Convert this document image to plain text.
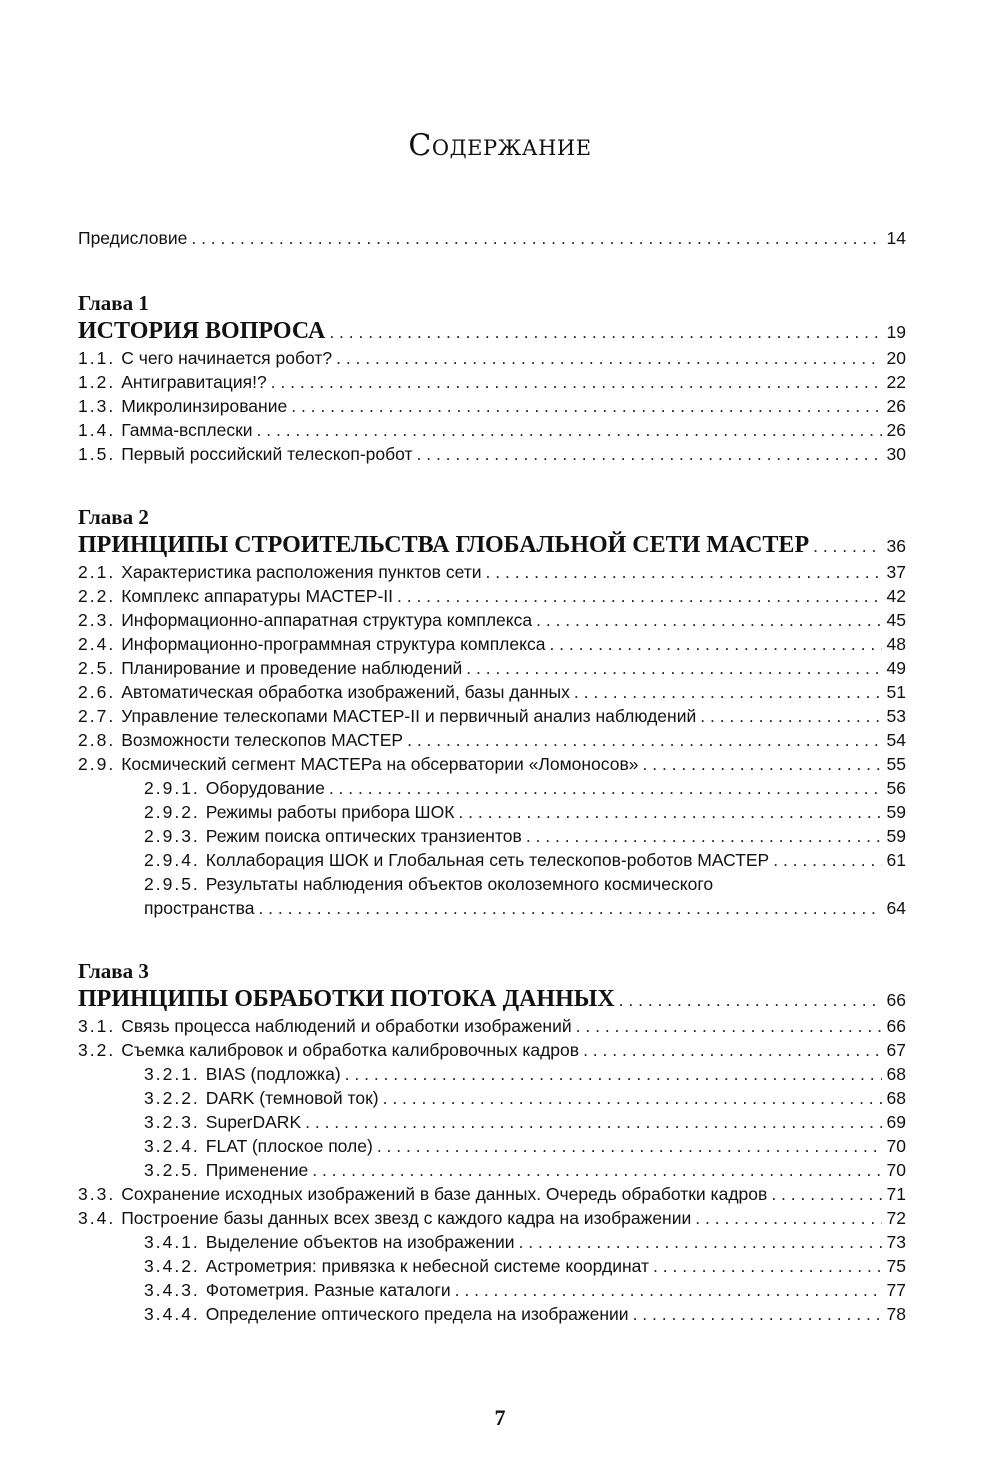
Содержание
Предисловие . . .	14
Глава 1
ИСТОРИЯ ВОПРОСА . . .	19
1.1. С чего начинается робот? . . .	20
1.2. Антигравитация!? . . .	22
1.3. Микролинзирование . . .	26
1.4. Гамма-всплески . . .	26
1.5. Первый российский телескоп-робот . . .	30
Глава 2
ПРИНЦИПЫ СТРОИТЕЛЬСТВА ГЛОБАЛЬНОЙ СЕТИ МАСТЕР . . .	36
2.1. Характеристика расположения пунктов сети . . .	37
2.2. Комплекс аппаратуры МАСТЕР-II . . .	42
2.3. Информационно-аппаратная структура комплекса . . .	45
2.4. Информационно-программная структура комплекса . . .	48
2.5. Планирование и проведение наблюдений . . .	49
2.6. Автоматическая обработка изображений, базы данных . . .	51
2.7. Управление телескопами МАСТЕР-II и первичный анализ наблюдений . . .	53
2.8. Возможности телескопов МАСТЕР . . .	54
2.9. Космический сегмент МАСТЕРа на обсерватории «Ломоносов» . . .	55
2.9.1. Оборудование . . .	56
2.9.2. Режимы работы прибора ШОК . . .	59
2.9.3. Режим поиска оптических транзиентов . . .	59
2.9.4. Коллаборация ШОК и Глобальная сеть телескопов-роботов МАСТЕР . . .	61
2.9.5. Результаты наблюдения объектов околоземного космического
пространства . . .	64
Глава 3
ПРИНЦИПЫ ОБРАБОТКИ ПОТОКА ДАННЫХ . . .	66
3.1. Связь процесса наблюдений и обработки изображений . . .	66
3.2. Съемка калибровок и обработка калибровочных кадров . . .	67
3.2.1. BIAS (подложка) . . .	68
3.2.2. DARK (темновой ток) . . .	68
3.2.3. SuperDARK . . .	69
3.2.4. FLAT (плоское поле) . . .	70
3.2.5. Применение . . .	70
3.3. Сохранение исходных изображений в базе данных. Очередь обработки кадров . . .	71
3.4. Построение базы данных всех звезд с каждого кадра на изображении . . .	72
3.4.1. Выделение объектов на изображении . . .	73
3.4.2. Астрометрия: привязка к небесной системе координат . . .	75
3.4.3. Фотометрия. Разные каталоги . . .	77
3.4.4. Определение оптического предела на изображении . . .	78
7
